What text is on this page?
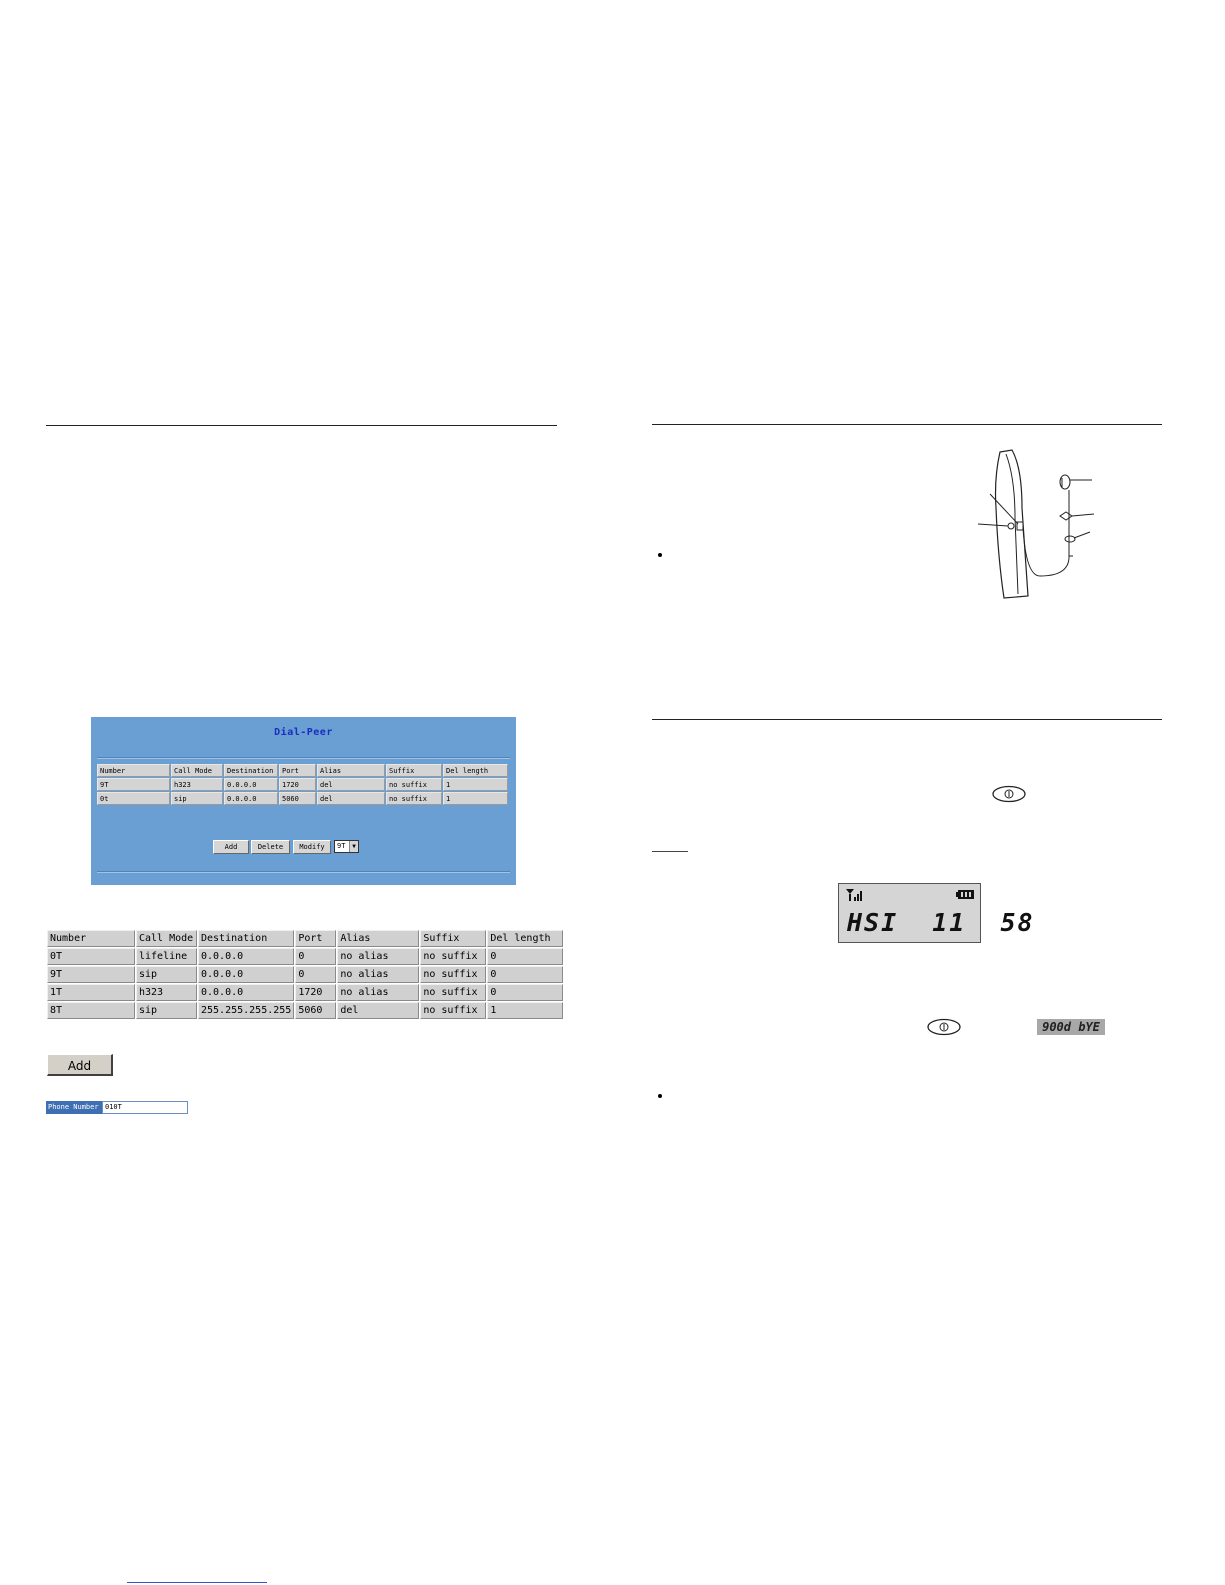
Dial-Peer
Number	Call Mode	Destination	Port	Alias	Suffix	Del length
9T	h323	0.0.0.0	1720	del	no suffix	1
0t	sip	0.0.0.0	5060	del	no suffix	1
Add	Delete	Modify	9T	▼
Number	Call Mode	Destination	Port	Alias	Suffix	Del length
0T	lifeline	0.0.0.0	0	no alias	no suffix	0
9T	sip	0.0.0.0	0	no alias	no suffix	0
1T	h323	0.0.0.0	1720	no alias	no suffix	0
8T	sip	255.255.255.255	5060	del	no suffix	1
Add
Phone Number 010T
HSI  11  58
900d bYE
